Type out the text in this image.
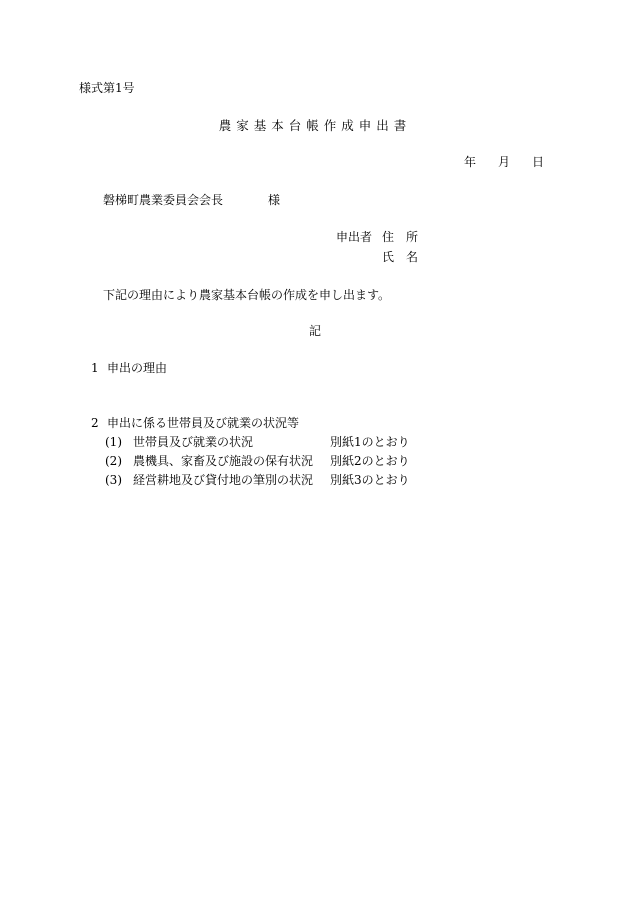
様式第1号
農家基本台帳作成申出書
年 月 日
磐梯町農業委員会会長	様
申出者 住　所
氏　名
下記の理由により農家基本台帳の作成を申し出ます。
記
1 申出の理由
2 申出に係る世帯員及び就業の状況等
(1) 世帯員及び就業の状況	別紙1のとおり
(2) 農機具、家畜及び施設の保有状況 別紙2のとおり
(3) 経営耕地及び貸付地の筆別の状況 別紙3のとおり
